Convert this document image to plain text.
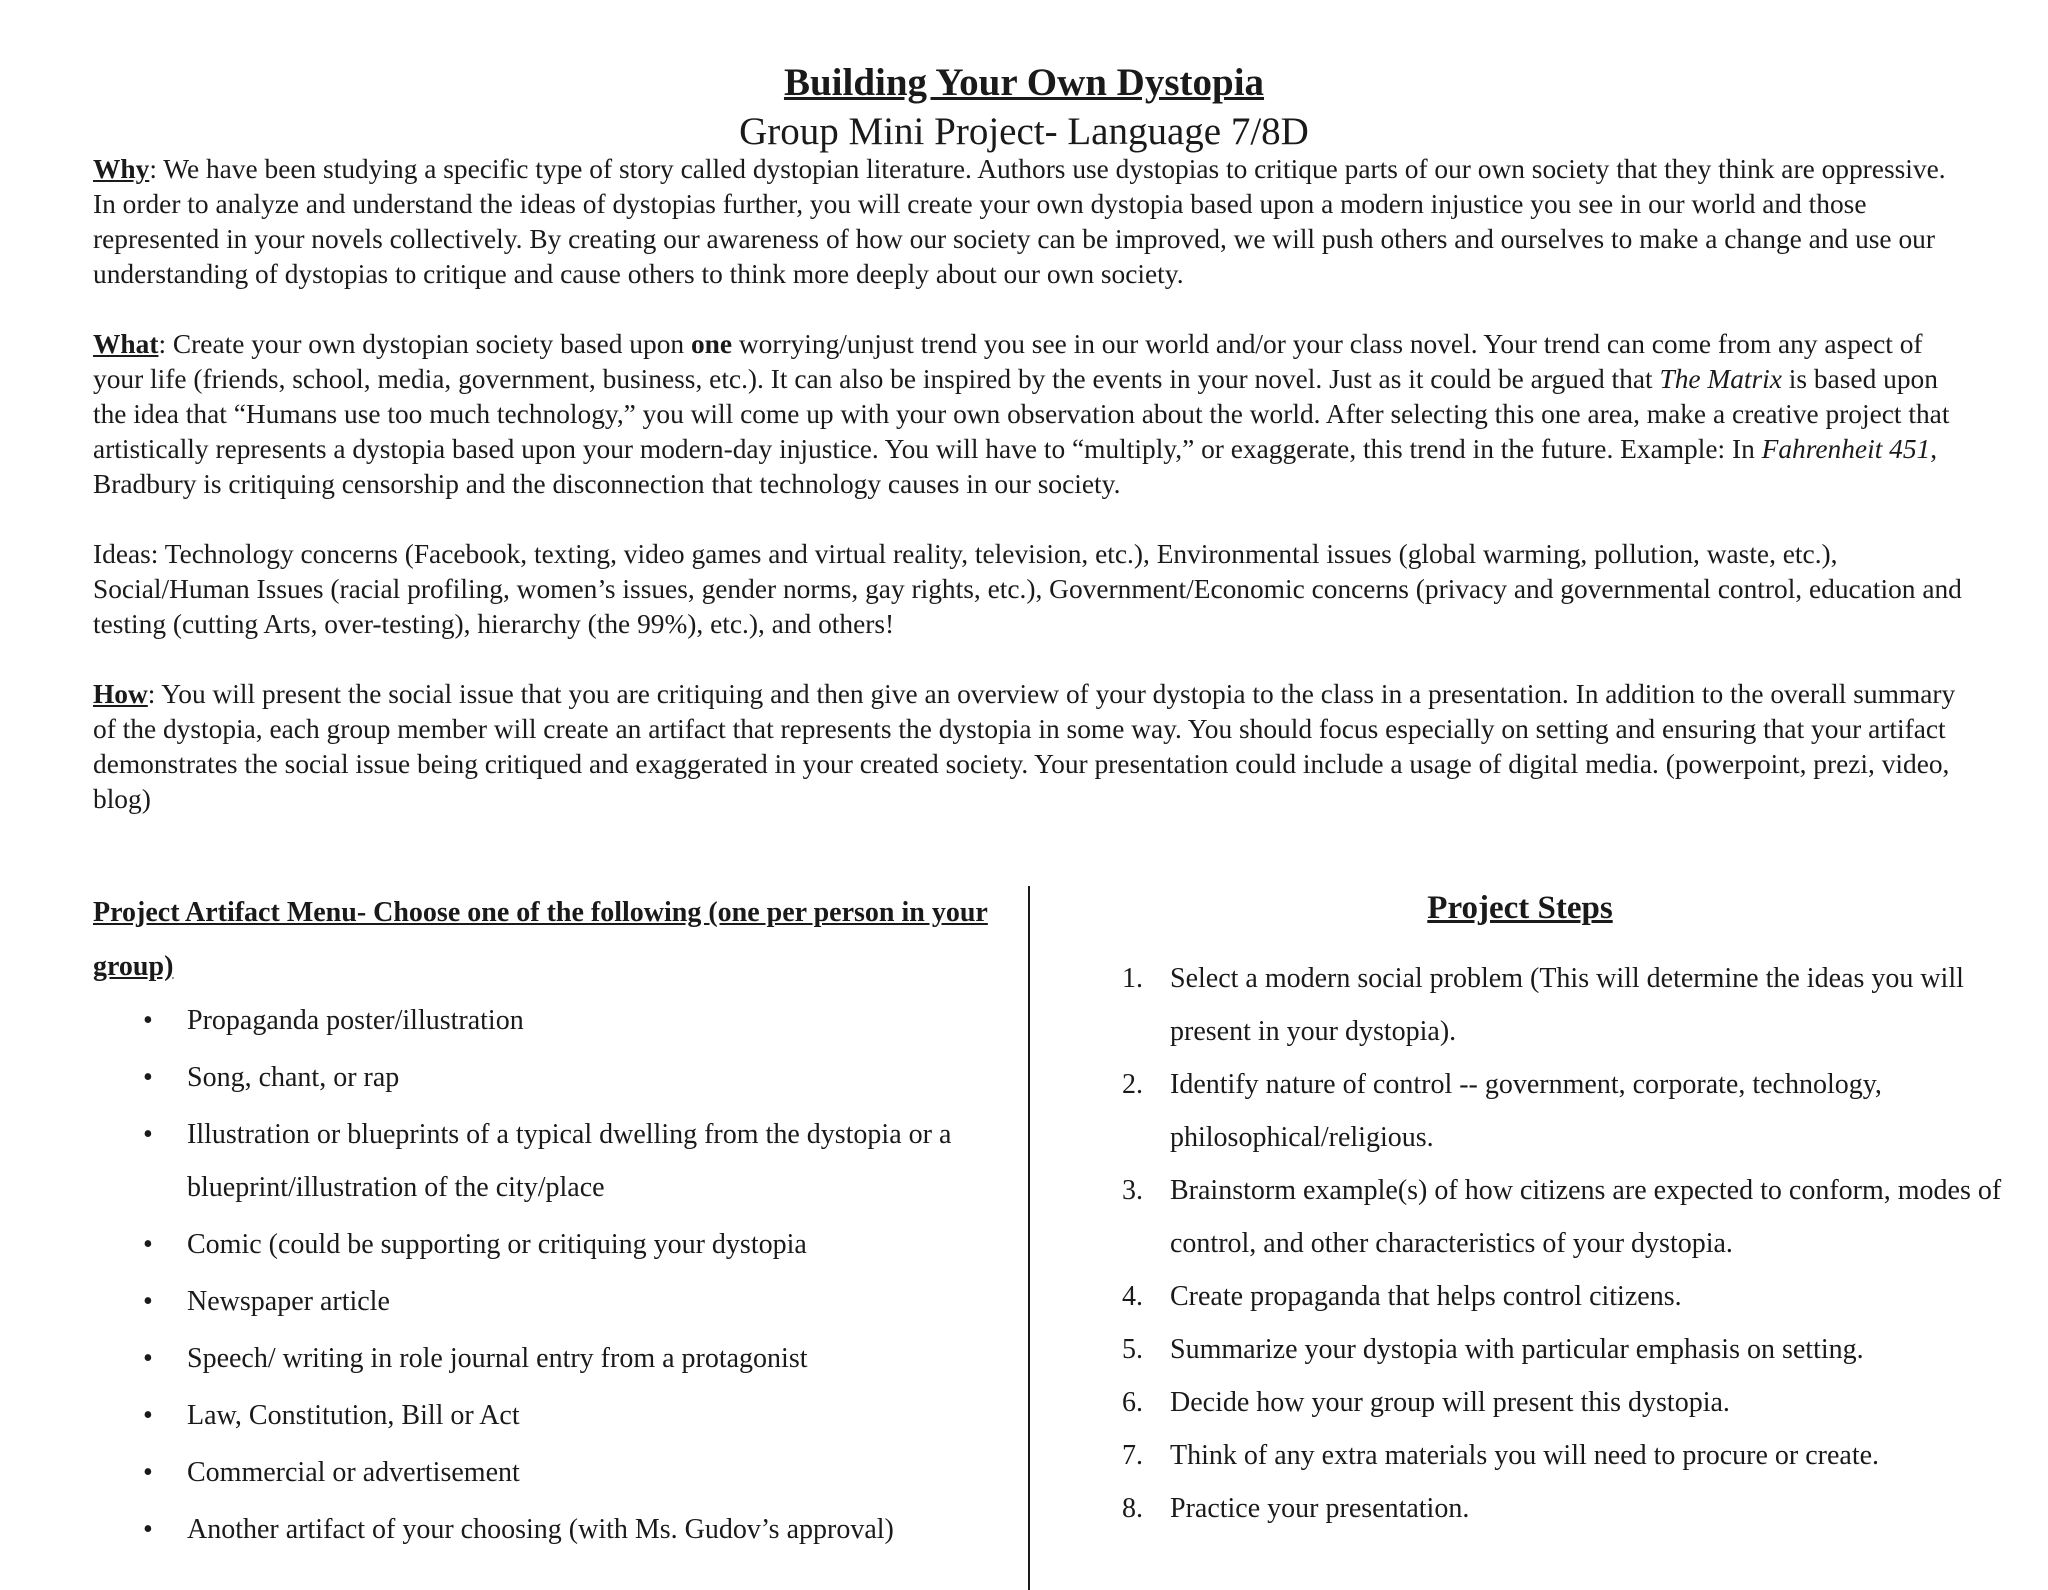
Building Your Own Dystopia
Group Mini Project- Language 7/8D

Why: We have been studying a specific type of story called dystopian literature. Authors use dystopias to critique parts of our own society that they think are oppressive. In order to analyze and understand the ideas of dystopias further, you will create your own dystopia based upon a modern injustice you see in our world and those represented in your novels collectively. By creating our awareness of how our society can be improved, we will push others and ourselves to make a change and use our understanding of dystopias to critique and cause others to think more deeply about our own society.

What: Create your own dystopian society based upon one worrying/unjust trend you see in our world and/or your class novel. Your trend can come from any aspect of your life (friends, school, media, government, business, etc.). It can also be inspired by the events in your novel. Just as it could be argued that The Matrix is based upon the idea that “Humans use too much technology,” you will come up with your own observation about the world. After selecting this one area, make a creative project that artistically represents a dystopia based upon your modern-day injustice. You will have to “multiply,” or exaggerate, this trend in the future. Example: In Fahrenheit 451, Bradbury is critiquing censorship and the disconnection that technology causes in our society.

Ideas: Technology concerns (Facebook, texting, video games and virtual reality, television, etc.), Environmental issues (global warming, pollution, waste, etc.), Social/Human Issues (racial profiling, women’s issues, gender norms, gay rights, etc.), Government/Economic concerns (privacy and governmental control, education and testing (cutting Arts, over-testing), hierarchy (the 99%), etc.), and others!

How: You will present the social issue that you are critiquing and then give an overview of your dystopia to the class in a presentation. In addition to the overall summary of the dystopia, each group member will create an artifact that represents the dystopia in some way. You should focus especially on setting and ensuring that your artifact demonstrates the social issue being critiqued and exaggerated in your created society. Your presentation could include a usage of digital media. (powerpoint, prezi, video, blog)

Project Artifact Menu- Choose one of the following (one per person in your group)

• Propaganda poster/illustration
• Song, chant, or rap
• Illustration or blueprints of a typical dwelling from the dystopia or a blueprint/illustration of the city/place
• Comic (could be supporting or critiquing your dystopia
• Newspaper article
• Speech/ writing in role journal entry from a protagonist
• Law, Constitution, Bill or Act
• Commercial or advertisement
• Another artifact of your choosing (with Ms. Gudov’s approval)

Project Steps

1. Select a modern social problem (This will determine the ideas you will present in your dystopia).
2. Identify nature of control -- government, corporate, technology, philosophical/religious.
3. Brainstorm example(s) of how citizens are expected to conform, modes of control, and other characteristics of your dystopia.
4. Create propaganda that helps control citizens.
5. Summarize your dystopia with particular emphasis on setting.
6. Decide how your group will present this dystopia.
7. Think of any extra materials you will need to procure or create.
8. Practice your presentation.
